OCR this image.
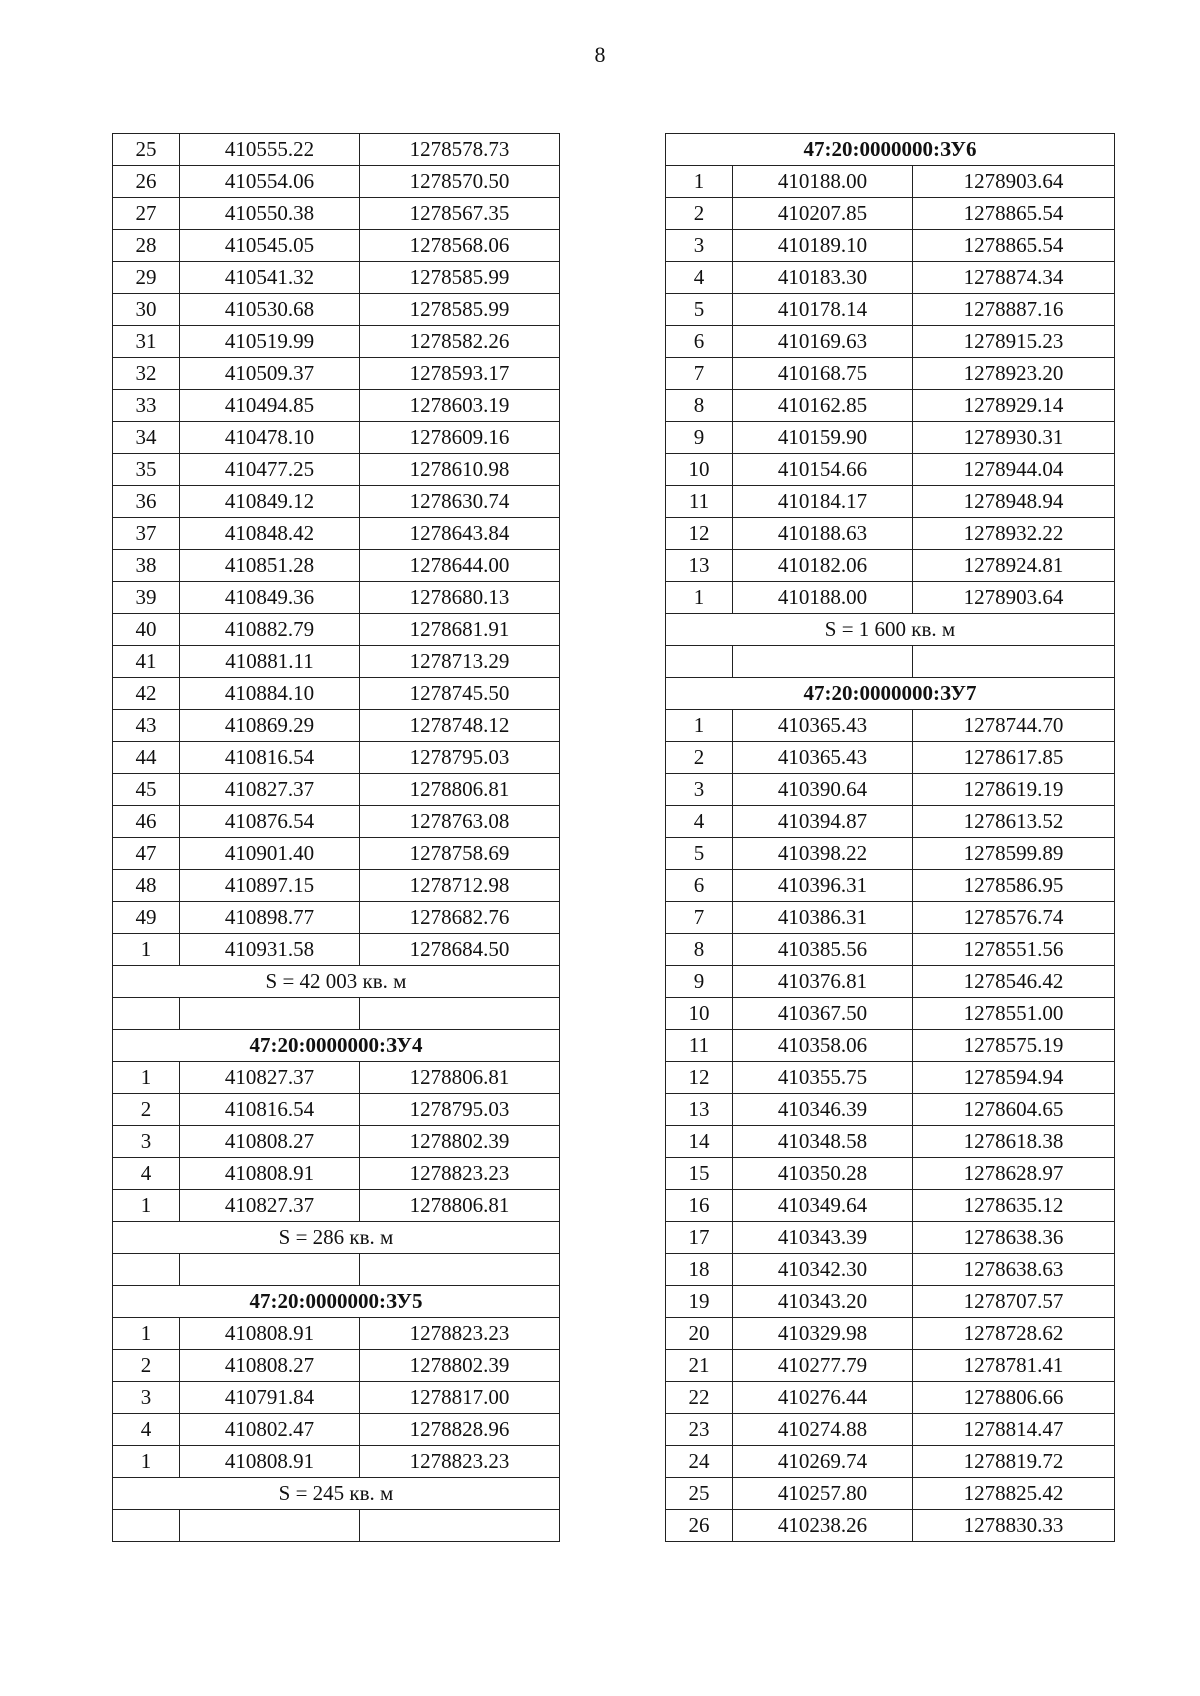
8
25	410555.22	1278578.73
26	410554.06	1278570.50
27	410550.38	1278567.35
28	410545.05	1278568.06
29	410541.32	1278585.99
30	410530.68	1278585.99
31	410519.99	1278582.26
32	410509.37	1278593.17
33	410494.85	1278603.19
34	410478.10	1278609.16
35	410477.25	1278610.98
36	410849.12	1278630.74
37	410848.42	1278643.84
38	410851.28	1278644.00
39	410849.36	1278680.13
40	410882.79	1278681.91
41	410881.11	1278713.29
42	410884.10	1278745.50
43	410869.29	1278748.12
44	410816.54	1278795.03
45	410827.37	1278806.81
46	410876.54	1278763.08
47	410901.40	1278758.69
48	410897.15	1278712.98
49	410898.77	1278682.76
1	410931.58	1278684.50
S = 42 003 кв. м		

47:20:0000000:ЗУ4		
1	410827.37	1278806.81
2	410816.54	1278795.03
3	410808.27	1278802.39
4	410808.91	1278823.23
1	410827.37	1278806.81
S = 286 кв. м		

47:20:0000000:ЗУ5		
1	410808.91	1278823.23
2	410808.27	1278802.39
3	410791.84	1278817.00
4	410802.47	1278828.96
1	410808.91	1278823.23
S = 245 кв. м		

47:20:0000000:ЗУ6		
1	410188.00	1278903.64
2	410207.85	1278865.54
3	410189.10	1278865.54
4	410183.30	1278874.34
5	410178.14	1278887.16
6	410169.63	1278915.23
7	410168.75	1278923.20
8	410162.85	1278929.14
9	410159.90	1278930.31
10	410154.66	1278944.04
11	410184.17	1278948.94
12	410188.63	1278932.22
13	410182.06	1278924.81
1	410188.00	1278903.64
S = 1 600 кв. м		

47:20:0000000:ЗУ7		
1	410365.43	1278744.70
2	410365.43	1278617.85
3	410390.64	1278619.19
4	410394.87	1278613.52
5	410398.22	1278599.89
6	410396.31	1278586.95
7	410386.31	1278576.74
8	410385.56	1278551.56
9	410376.81	1278546.42
10	410367.50	1278551.00
11	410358.06	1278575.19
12	410355.75	1278594.94
13	410346.39	1278604.65
14	410348.58	1278618.38
15	410350.28	1278628.97
16	410349.64	1278635.12
17	410343.39	1278638.36
18	410342.30	1278638.63
19	410343.20	1278707.57
20	410329.98	1278728.62
21	410277.79	1278781.41
22	410276.44	1278806.66
23	410274.88	1278814.47
24	410269.74	1278819.72
25	410257.80	1278825.42
26	410238.26	1278830.33
